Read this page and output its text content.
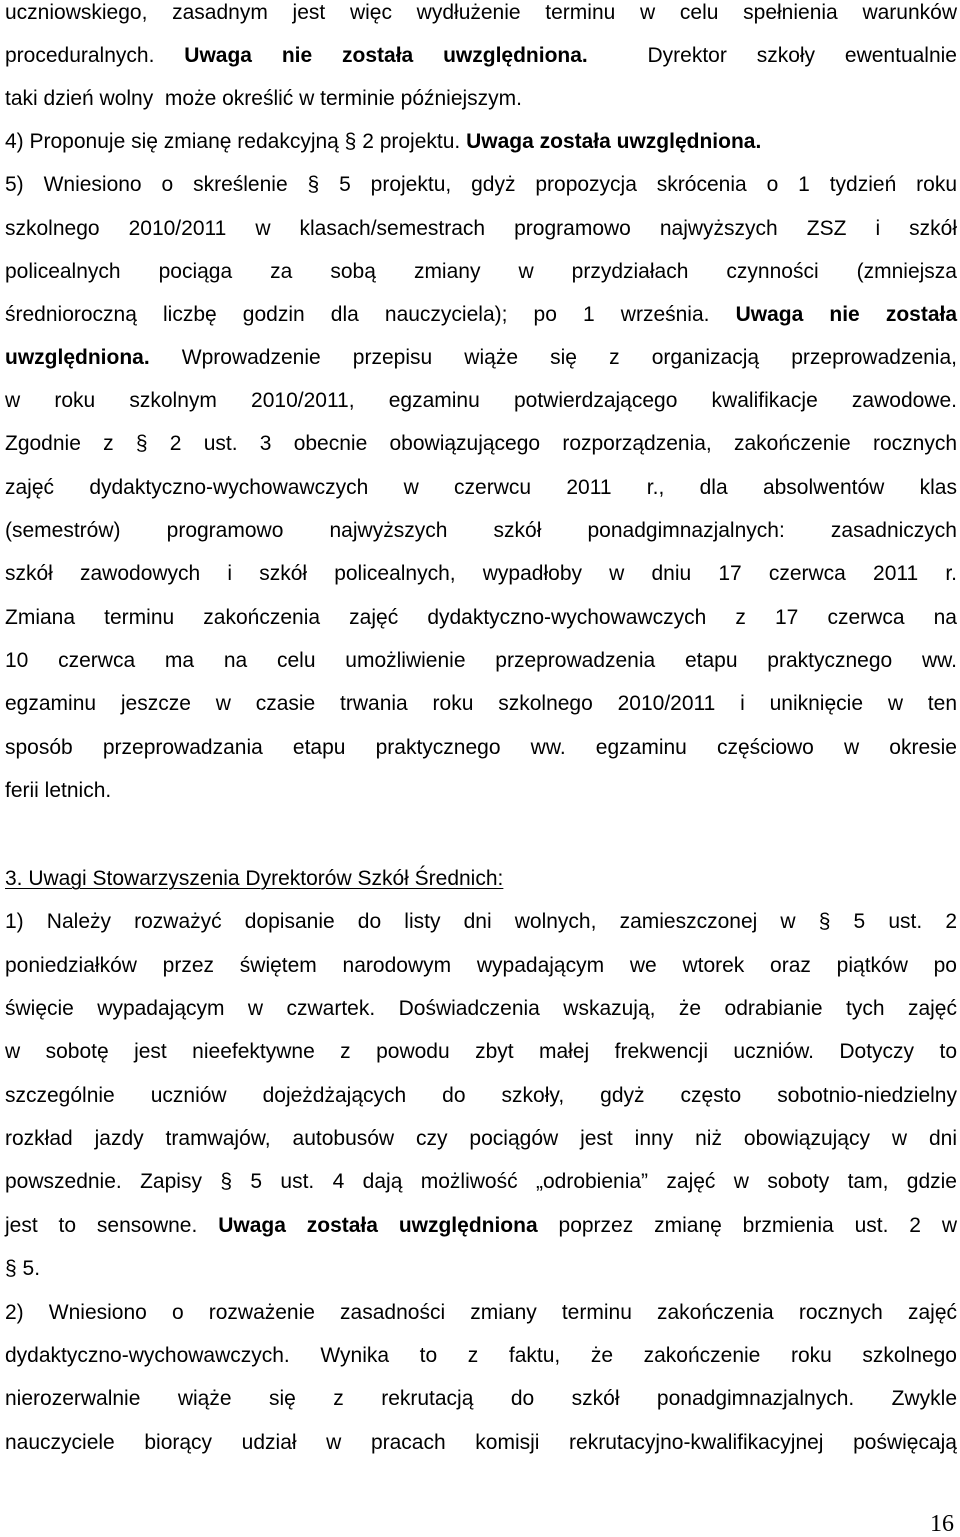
uczniowskiego, zasadnym jest więc wydłużenie terminu w celu spełnienia warunków
proceduralnych. Uwaga nie została uwzględniona.  Dyrektor szkoły ewentualnie
taki dzień wolny  może określić w terminie późniejszym.
4) Proponuje się zmianę redakcyjną § 2 projektu. Uwaga została uwzględniona.
5) Wniesiono o skreślenie § 5 projektu, gdyż propozycja skrócenia o 1 tydzień roku
szkolnego 2010/2011 w klasach/semestrach programowo najwyższych ZSZ i szkół
policealnych pociąga za sobą zmiany w przydziałach czynności (zmniejsza
średnioroczną liczbę godzin dla nauczyciela); po 1 września. Uwaga nie została
uwzględniona. Wprowadzenie przepisu wiąże się z organizacją przeprowadzenia,
w roku szkolnym 2010/2011, egzaminu potwierdzającego kwalifikacje zawodowe.
Zgodnie z § 2 ust. 3 obecnie obowiązującego rozporządzenia, zakończenie rocznych
zajęć dydaktyczno-wychowawczych w czerwcu 2011 r., dla absolwentów klas
(semestrów) programowo najwyższych szkół ponadgimnazjalnych: zasadniczych
szkół zawodowych i szkół policealnych, wypadłoby w dniu 17 czerwca 2011 r.
Zmiana terminu zakończenia zajęć dydaktyczno-wychowawczych z 17 czerwca na
10 czerwca ma na celu umożliwienie przeprowadzenia etapu praktycznego ww.
egzaminu jeszcze w czasie trwania roku szkolnego 2010/2011 i uniknięcie w ten
sposób przeprowadzania etapu praktycznego ww. egzaminu częściowo w okresie
ferii letnich.
3. Uwagi Stowarzyszenia Dyrektorów Szkół Średnich:
1) Należy rozważyć dopisanie do listy dni wolnych, zamieszczonej w § 5 ust. 2
poniedziałków przez świętem narodowym wypadającym we wtorek oraz piątków po
święcie wypadającym w czwartek. Doświadczenia wskazują, że odrabianie tych zajęć
w sobotę jest nieefektywne z powodu zbyt małej frekwencji uczniów. Dotyczy to
szczególnie uczniów dojeżdżających do szkoły, gdyż często sobotnio-niedzielny
rozkład jazdy tramwajów, autobusów czy pociągów jest inny niż obowiązujący w dni
powszednie. Zapisy § 5 ust. 4 dają możliwość „odrobienia” zajęć w soboty tam, gdzie
jest to sensowne. Uwaga została uwzględniona poprzez zmianę brzmienia ust. 2 w
§ 5.
2) Wniesiono o rozważenie zasadności zmiany terminu zakończenia rocznych zajęć
dydaktyczno-wychowawczych. Wynika to z faktu, że zakończenie roku szkolnego
nierozerwalnie wiąże się z rekrutacją do szkół ponadgimnazjalnych. Zwykle
nauczyciele biorący udział w pracach komisji rekrutacyjno-kwalifikacyjnej poświęcają
16
